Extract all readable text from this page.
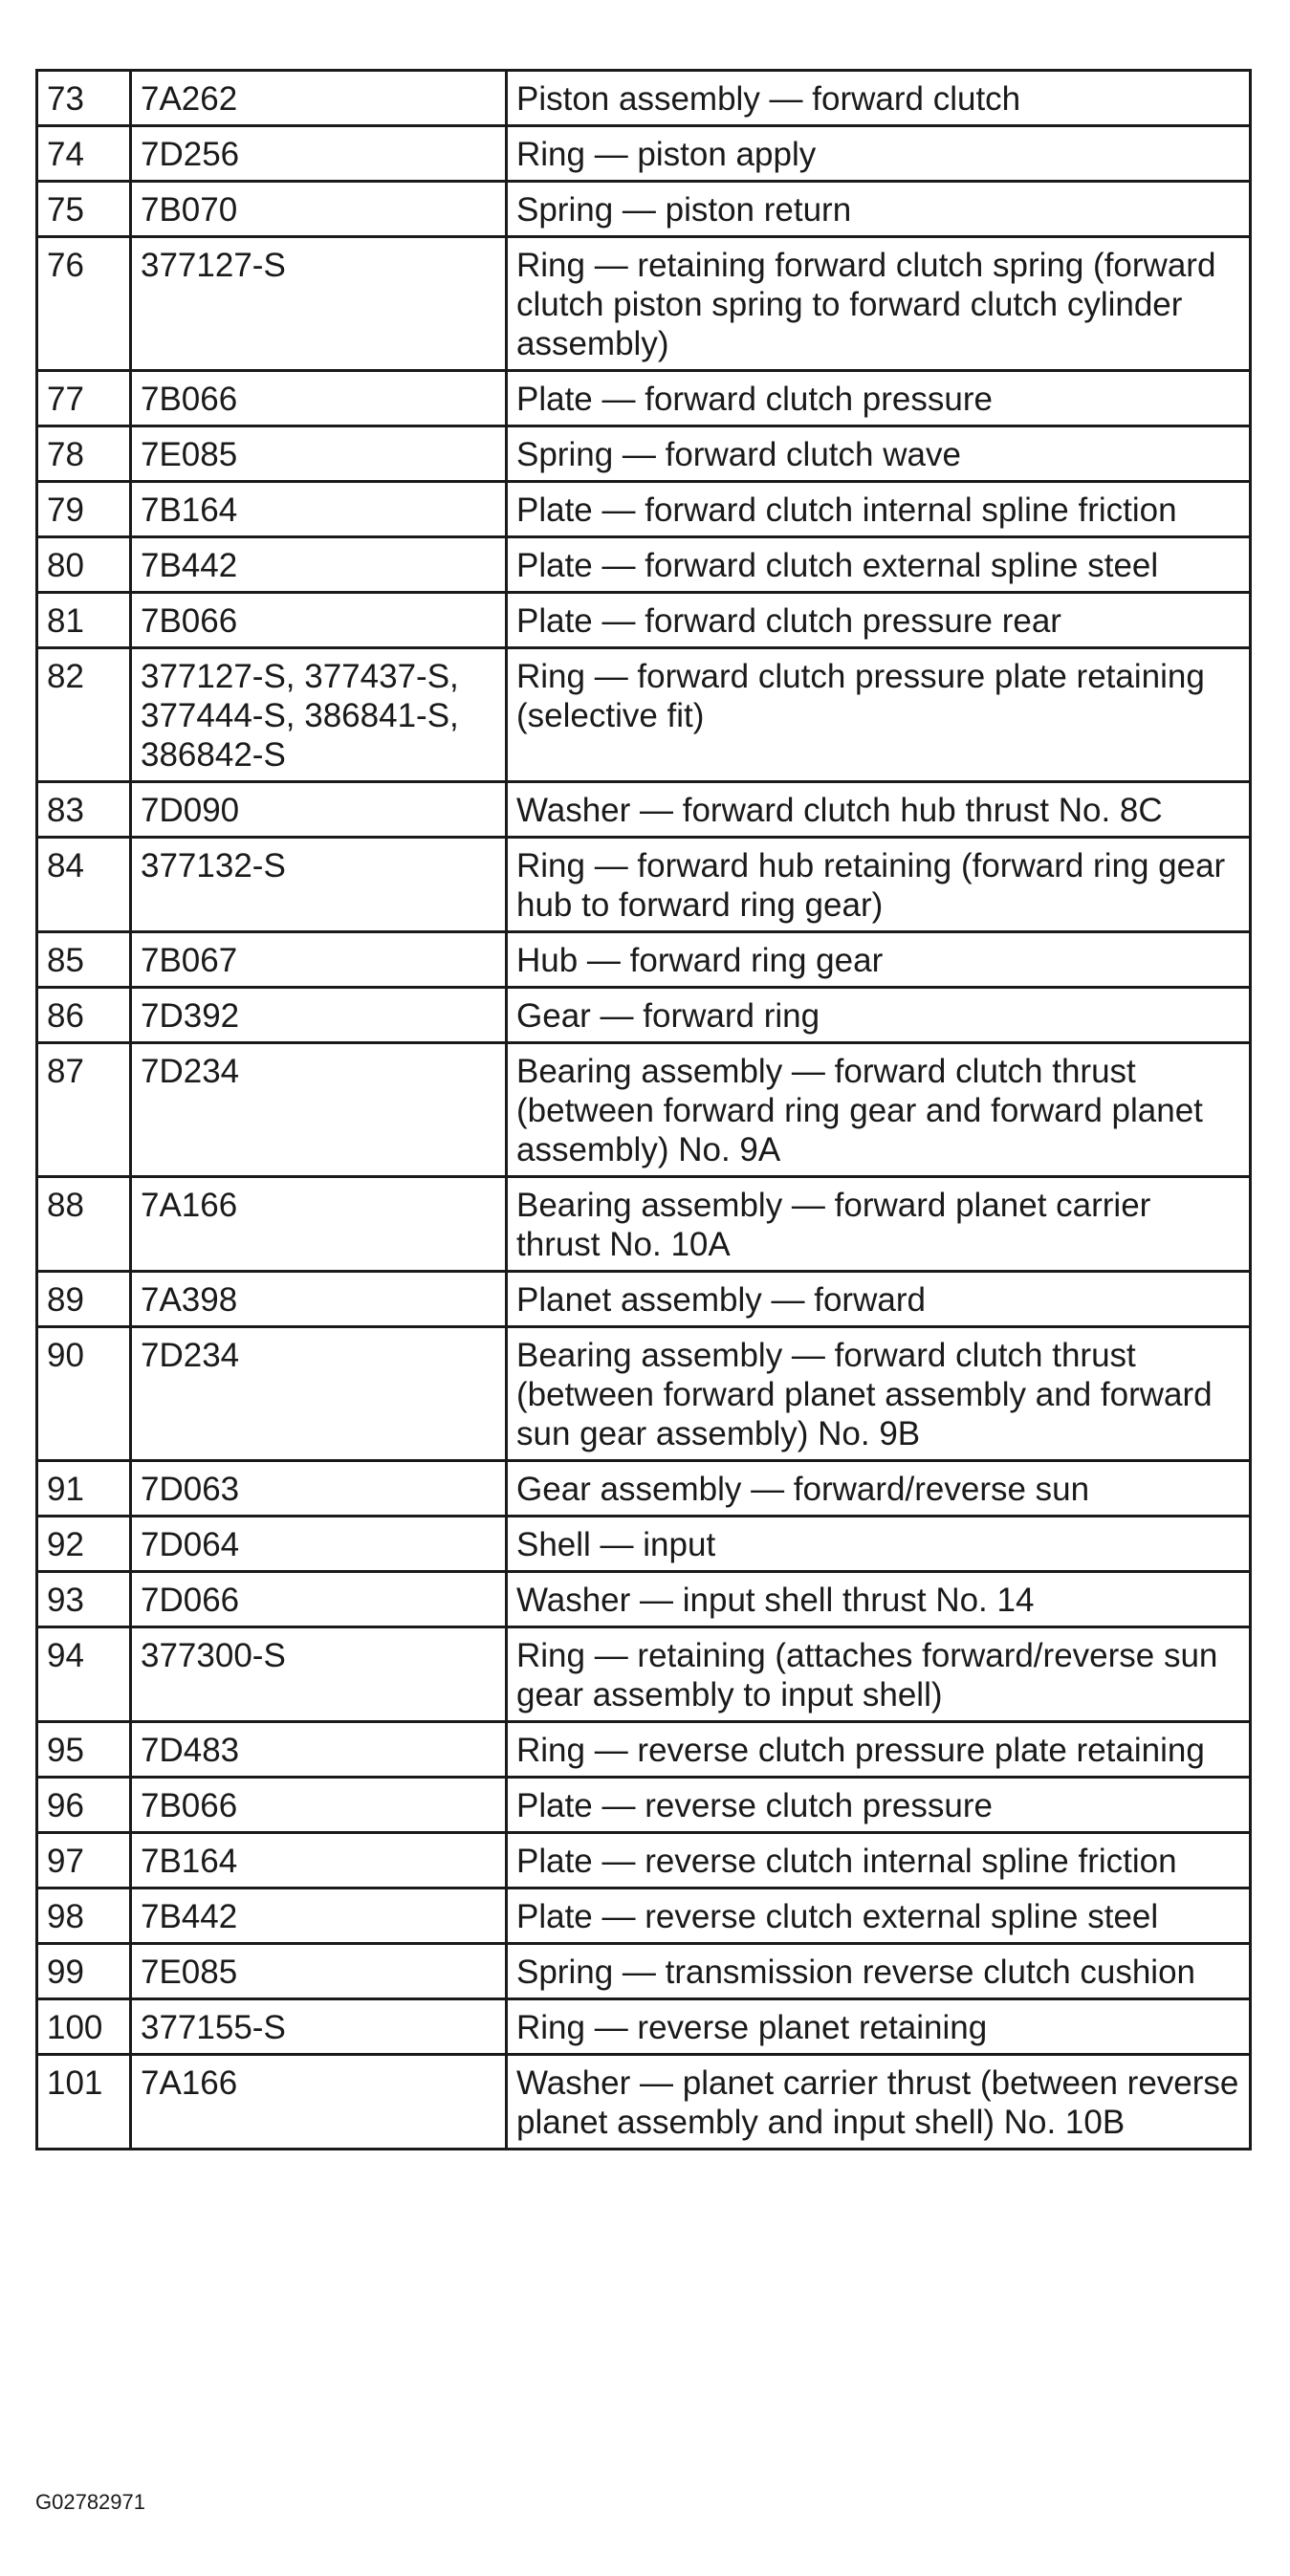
73	7A262	Piston assembly — forward clutch
74	7D256	Ring — piston apply
75	7B070	Spring — piston return
76	377127-S	Ring — retaining forward clutch spring (forward clutch piston spring to forward clutch cylinder assembly)
77	7B066	Plate — forward clutch pressure
78	7E085	Spring — forward clutch wave
79	7B164	Plate — forward clutch internal spline friction
80	7B442	Plate — forward clutch external spline steel
81	7B066	Plate — forward clutch pressure rear
82	377127-S, 377437-S, 377444-S, 386841-S, 386842-S	Ring — forward clutch pressure plate retaining (selective fit)
83	7D090	Washer — forward clutch hub thrust No. 8C
84	377132-S	Ring — forward hub retaining (forward ring gear hub to forward ring gear)
85	7B067	Hub — forward ring gear
86	7D392	Gear — forward ring
87	7D234	Bearing assembly — forward clutch thrust (between forward ring gear and forward planet assembly) No. 9A
88	7A166	Bearing assembly — forward planet carrier thrust No. 10A
89	7A398	Planet assembly — forward
90	7D234	Bearing assembly — forward clutch thrust (between forward planet assembly and forward sun gear assembly) No. 9B
91	7D063	Gear assembly — forward/reverse sun
92	7D064	Shell — input
93	7D066	Washer — input shell thrust No. 14
94	377300-S	Ring — retaining (attaches forward/reverse sun gear assembly to input shell)
95	7D483	Ring — reverse clutch pressure plate retaining
96	7B066	Plate — reverse clutch pressure
97	7B164	Plate — reverse clutch internal spline friction
98	7B442	Plate — reverse clutch external spline steel
99	7E085	Spring — transmission reverse clutch cushion
100	377155-S	Ring — reverse planet retaining
101	7A166	Washer — planet carrier thrust (between reverse planet assembly and input shell) No. 10B
G02782971
